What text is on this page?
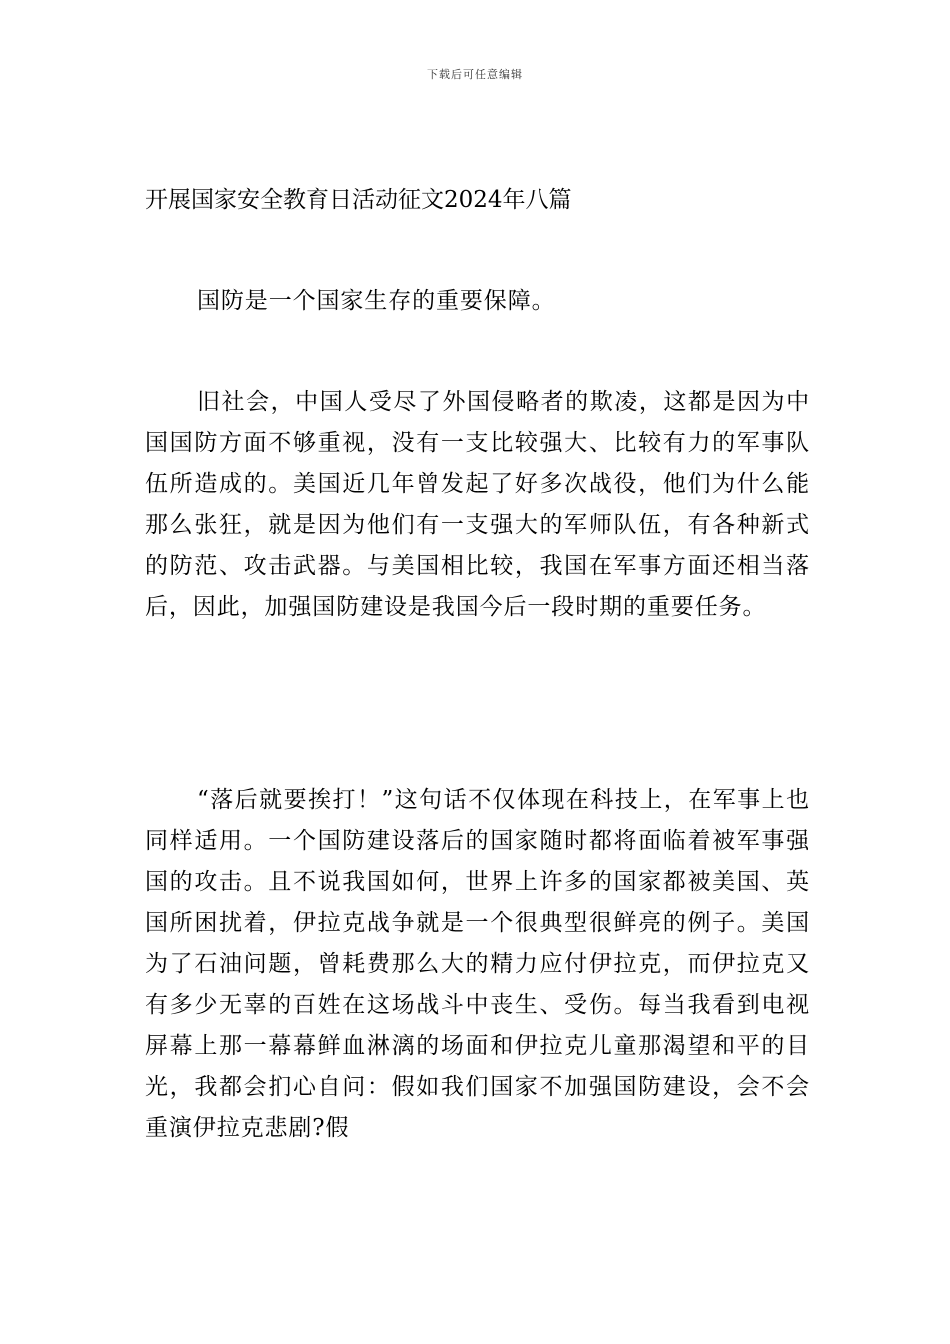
下载后可任意编辑
开展国家安全教育日活动征文2024年八篇

国防是一个国家生存的重要保障。

旧社会，中国人受尽了外国侵略者的欺凌，这都是因为中国国防方面不够重视，没有一支比较强大、比较有力的军事队伍所造成的。美国近几年曾发起了好多次战役，他们为什么能那么张狂，就是因为他们有一支强大的军师队伍，有各种新式的防范、攻击武器。与美国相比较，我国在军事方面还相当落后，因此，加强国防建设是我国今后一段时期的重要任务。

“落后就要挨打！”这句话不仅体现在科技上，在军事上也同样适用。一个国防建设落后的国家随时都将面临着被军事强国的攻击。且不说我国如何，世界上许多的国家都被美国、英国所困扰着，伊拉克战争就是一个很典型很鲜亮的例子。美国为了石油问题，曾耗费那么大的精力应付伊拉克，而伊拉克又有多少无辜的百姓在这场战斗中丧生、受伤。每当我看到电视屏幕上那一幕幕鲜血淋漓的场面和伊拉克儿童那渴望和平的目光，我都会扪心自问：假如我们国家不加强国防建设，会不会重演伊拉克悲剧?假
